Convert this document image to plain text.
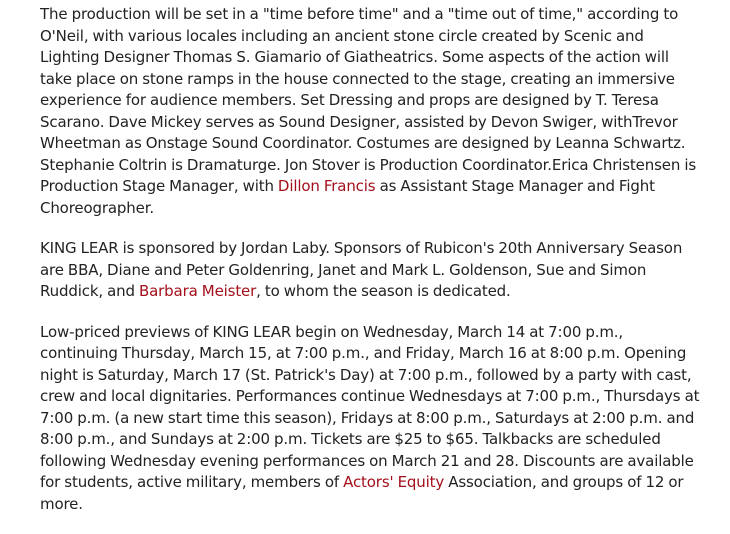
The production will be set in a "time before time" and a "time out of time," according to O'Neil, with various locales including an ancient stone circle created by Scenic and Lighting Designer Thomas S. Giamario of Giatheatrics. Some aspects of the action will take place on stone ramps in the house connected to the stage, creating an immersive experience for audience members. Set Dressing and props are designed by T. Teresa Scarano. Dave Mickey serves as Sound Designer, assisted by Devon Swiger, withTrevor Wheetman as Onstage Sound Coordinator. Costumes are designed by Leanna Schwartz. Stephanie Coltrin is Dramaturge. Jon Stover is Production Coordinator.Erica Christensen is Production Stage Manager, with Dillon Francis as Assistant Stage Manager and Fight Choreographer.

KING LEAR is sponsored by Jordan Laby. Sponsors of Rubicon's 20th Anniversary Season are BBA, Diane and Peter Goldenring, Janet and Mark L. Goldenson, Sue and Simon Ruddick, and Barbara Meister, to whom the season is dedicated.

Low-priced previews of KING LEAR begin on Wednesday, March 14 at 7:00 p.m., continuing Thursday, March 15, at 7:00 p.m., and Friday, March 16 at 8:00 p.m. Opening night is Saturday, March 17 (St. Patrick's Day) at 7:00 p.m., followed by a party with cast, crew and local dignitaries. Performances continue Wednesdays at 7:00 p.m., Thursdays at 7:00 p.m. (a new start time this season), Fridays at 8:00 p.m., Saturdays at 2:00 p.m. and 8:00 p.m., and Sundays at 2:00 p.m. Tickets are $25 to $65. Talkbacks are scheduled following Wednesday evening performances on March 21 and 28. Discounts are available for students, active military, members of Actors' Equity Association, and groups of 12 or more.
